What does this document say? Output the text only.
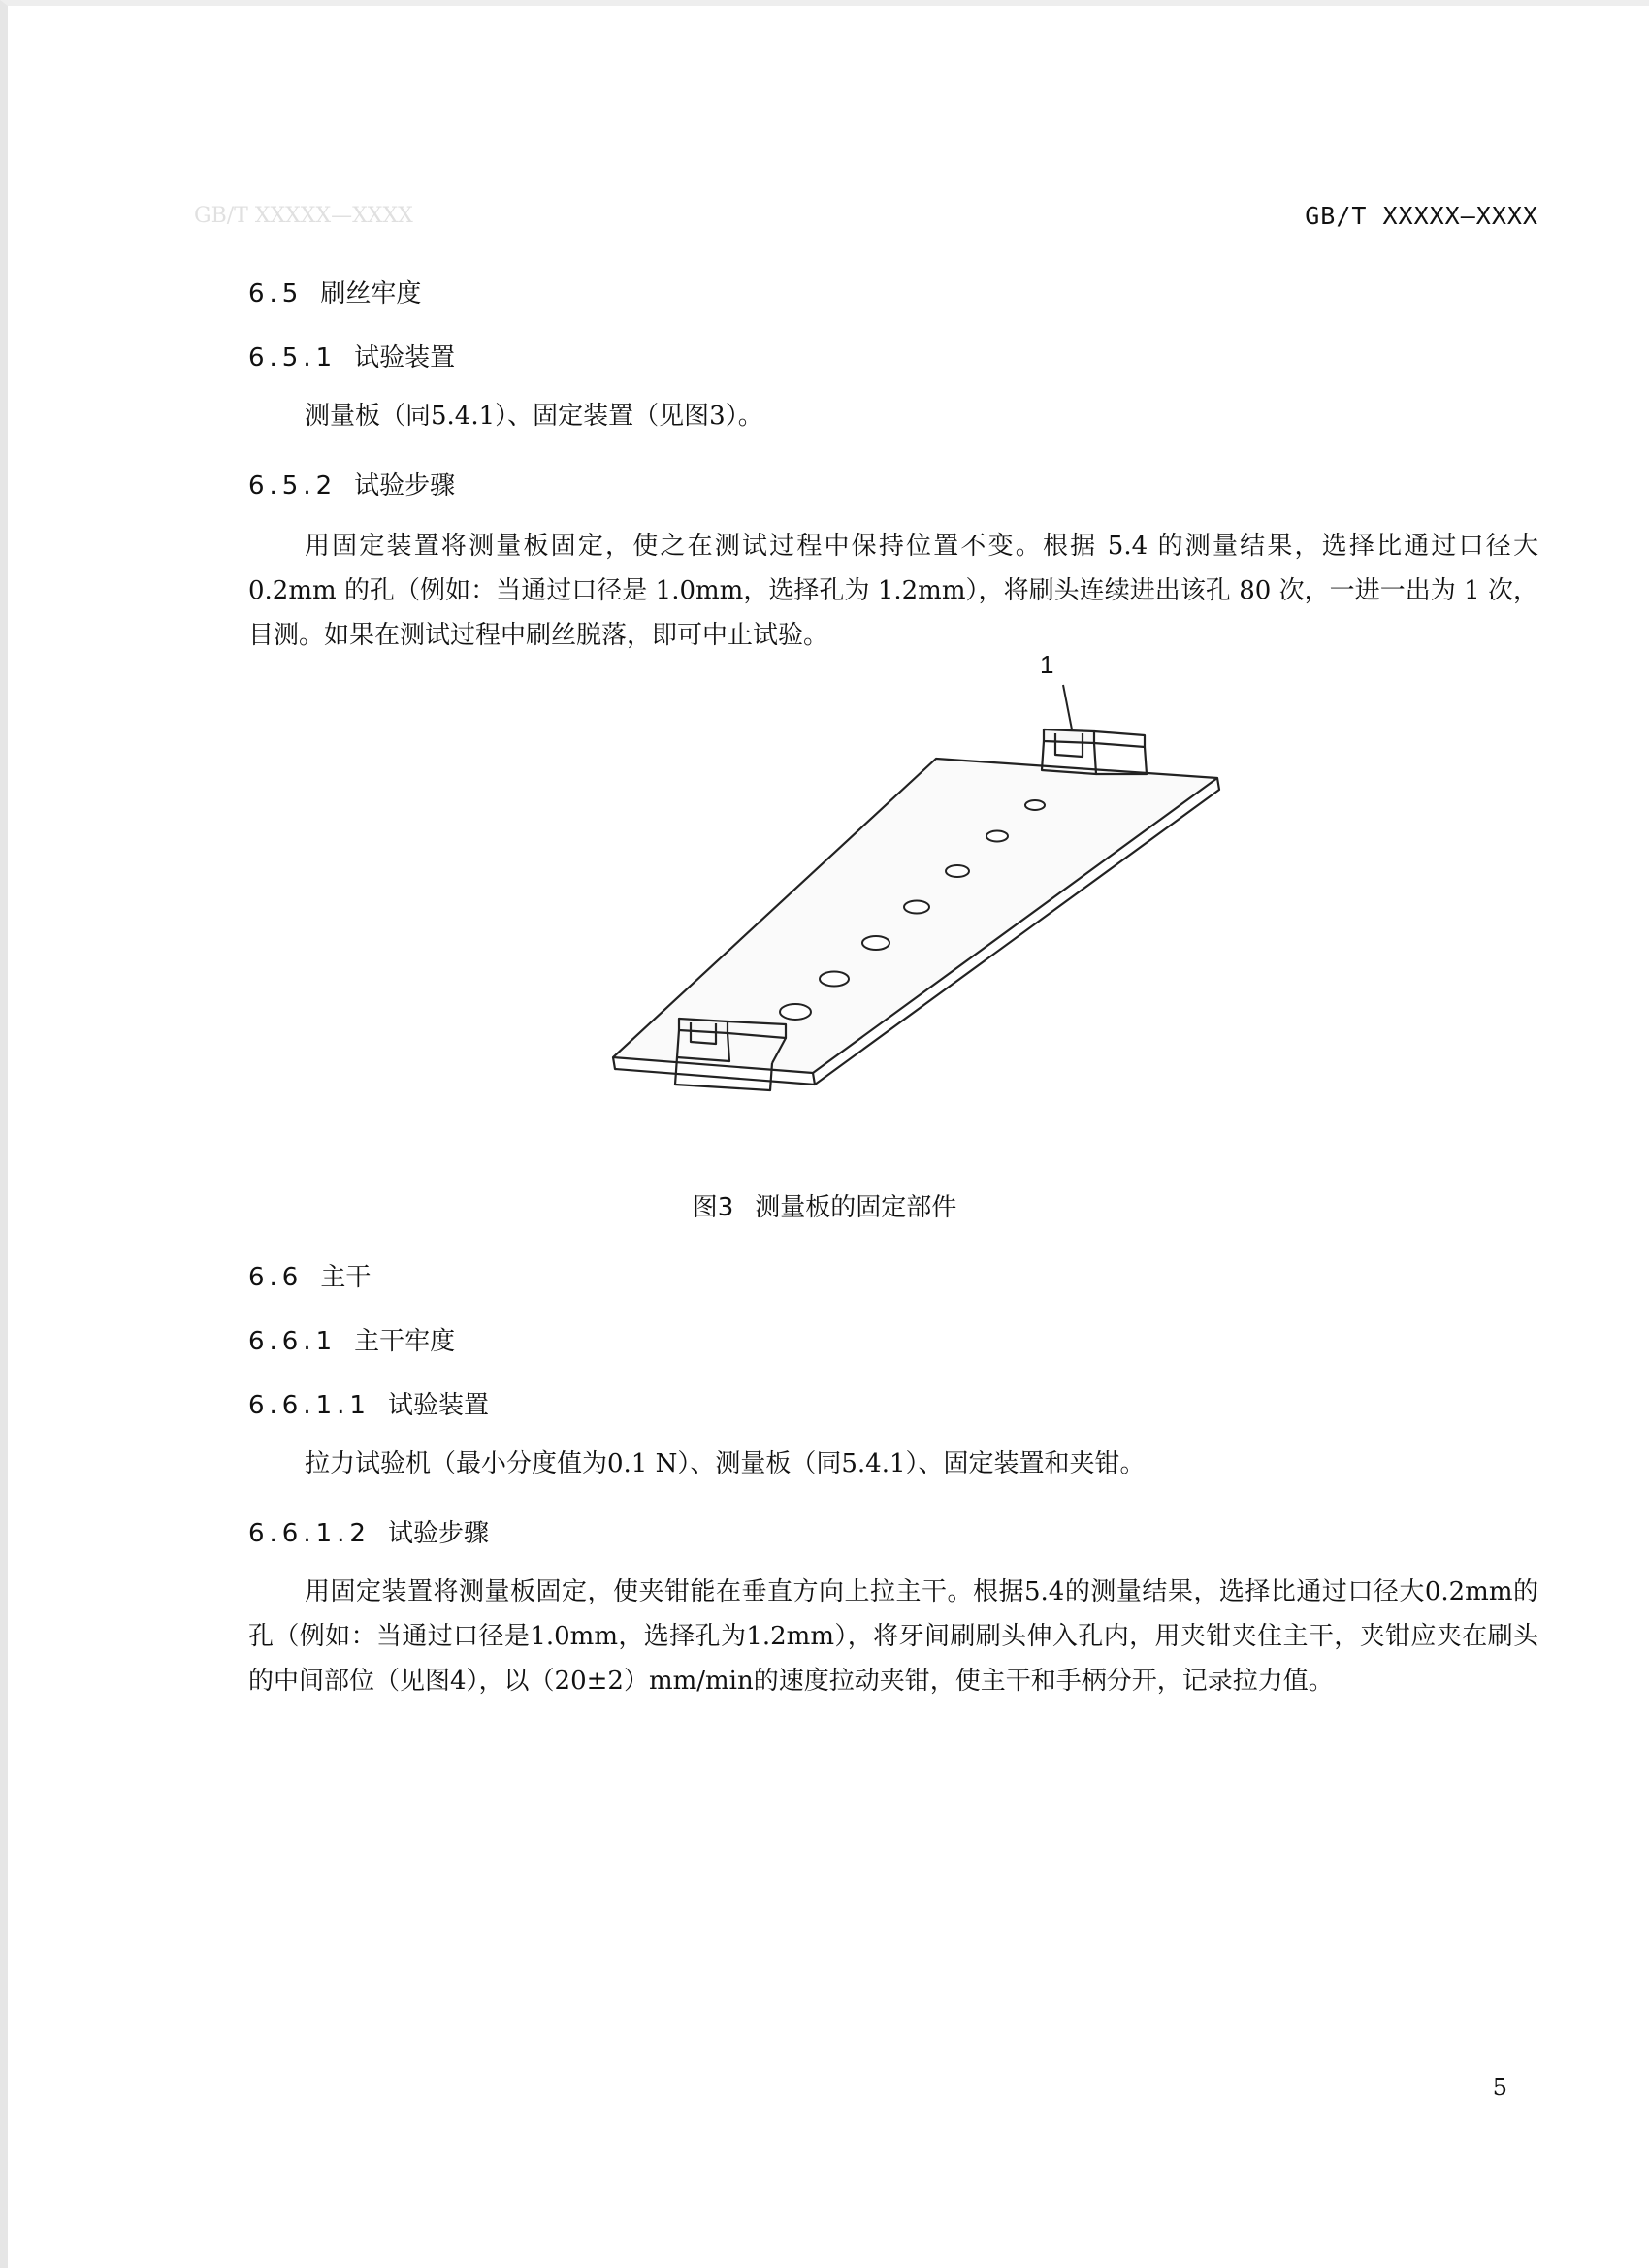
GB/T XXXXX—XXXX	GB/T XXXXX—XXXX
6.5 刷丝牢度
6.5.1 试验装置
测量板（同5.4.1）、固定装置（见图3）。
6.5.2 试验步骤
用固定装置将测量板固定，使之在测试过程中保持位置不变。根据 5.4 的测量结果，选择比通过口径大 0.2mm 的孔（例如：当通过口径是 1.0mm，选择孔为 1.2mm），将刷头连续进出该孔 80 次，一进一出为 1 次，目测。如果在测试过程中刷丝脱落，即可中止试验。
1
图3 测量板的固定部件
6.6 主干
6.6.1 主干牢度
6.6.1.1 试验装置
拉力试验机（最小分度值为0.1 N）、测量板（同5.4.1）、固定装置和夹钳。
6.6.1.2 试验步骤
用固定装置将测量板固定，使夹钳能在垂直方向上拉主干。根据5.4的测量结果，选择比通过口径大0.2mm的孔（例如：当通过口径是1.0mm，选择孔为1.2mm），将牙间刷刷头伸入孔内，用夹钳夹住主干，夹钳应夹在刷头的中间部位（见图4），以（20±2）mm/min的速度拉动夹钳，使主干和手柄分开，记录拉力值。
5
